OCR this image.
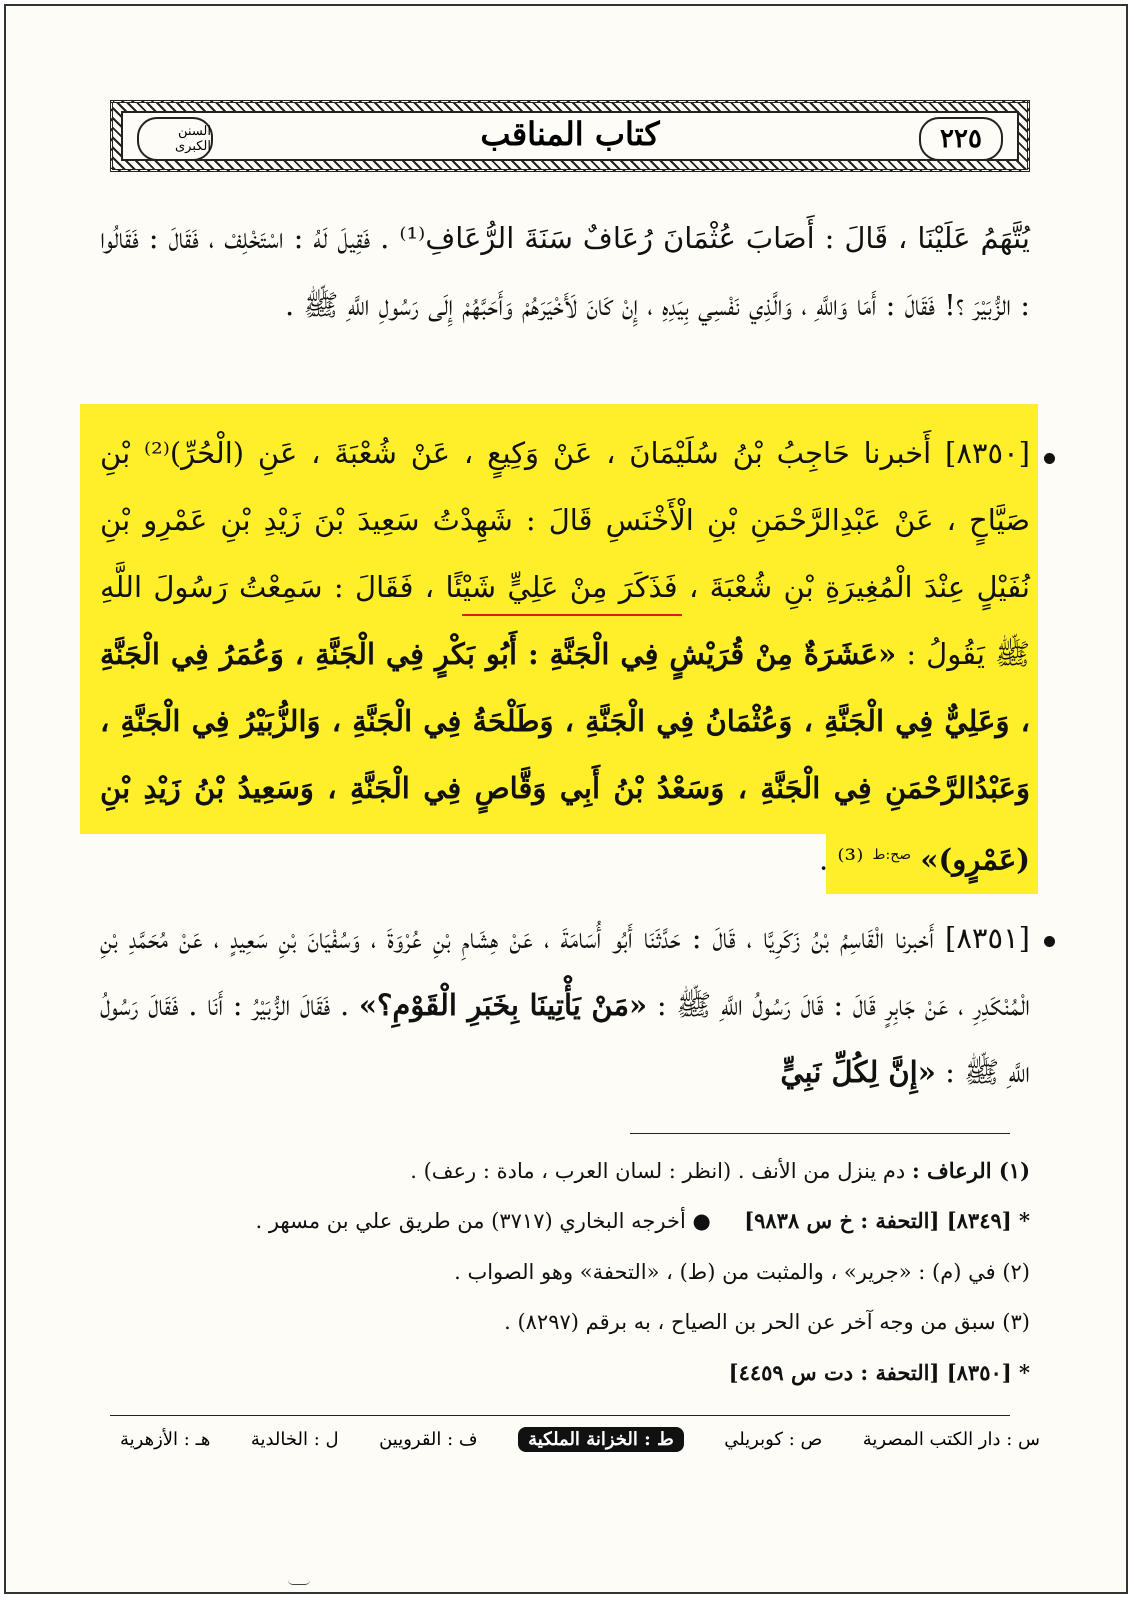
السنن الكبرى	كتاب المناقب	٢٢٥
يُتَّهَمُ عَلَيْنَا ، قَالَ : أَصَابَ عُثْمَانَ رُعَافٌ سَنَةَ الرُّعَافِ⁽¹⁾ . فَقِيلَ لَهُ : اسْتَخْلِفْ ، فَقَالَ : فَقَالُوا : الزُّبَيْرَ ؟! فَقَالَ : أَمَا وَاللَّهِ ، وَالَّذِي نَفْسِي بِيَدِهِ ، إِنْ كَانَ لَأَخْيَرَهُمْ وَأَحَبَّهُمْ إِلَى رَسُولِ اللَّهِ ﷺ .
[٨٣٥٠] أَخبرنا حَاجِبُ بْنُ سُلَيْمَانَ ، عَنْ وَكِيعٍ ، عَنْ شُعْبَةَ ، عَنِ (الْحُرِّ)⁽²⁾ بْنِ صَيَّاحٍ ، عَنْ عَبْدِالرَّحْمَنِ بْنِ الْأَخْنَسِ قَالَ : شَهِدْتُ سَعِيدَ بْنَ زَيْدِ بْنِ عَمْرِو بْنِ نُفَيْلٍ عِنْدَ الْمُغِيرَةِ بْنِ شُعْبَةَ ، فَذَكَرَ مِنْ عَلِيٍّ شَيْئًا ، فَقَالَ : سَمِعْتُ رَسُولَ اللَّهِ ﷺ يَقُولُ : «عَشَرَةٌ مِنْ قُرَيْشٍ فِي الْجَنَّةِ : أَبُو بَكْرٍ فِي الْجَنَّةِ ، وَعُمَرُ فِي الْجَنَّةِ ، وَعَلِيٌّ فِي الْجَنَّةِ ، وَعُثْمَانُ فِي الْجَنَّةِ ، وَطَلْحَةُ فِي الْجَنَّةِ ، وَالزُّبَيْرُ فِي الْجَنَّةِ ، وَعَبْدُالرَّحْمَنِ فِي الْجَنَّةِ ، وَسَعْدُ بْنُ أَبِي وَقَّاصٍ فِي الْجَنَّةِ ، وَسَعِيدُ بْنُ زَيْدِ بْنِ (عَمْرٍو)» $^{صح:ط}$ ⁽³⁾ .
[٨٣٥١] أَخبرنا الْقَاسِمُ بْنُ زَكَرِيَّا ، قَالَ : حَدَّثَنَا أَبُو أُسَامَةَ ، عَنْ هِشَامِ بْنِ عُرْوَةَ ، وَسُفْيَانَ بْنِ سَعِيدٍ ، عَنْ مُحَمَّدِ بْنِ الْمُنْكَدِرِ ، عَنْ جَابِرٍ قَالَ : قَالَ رَسُولُ اللَّهِ ﷺ : «مَنْ يَأْتِينَا بِخَبَرِ الْقَوْمِ؟» . فَقَالَ الزُّبَيْرُ : أَنَا . فَقَالَ رَسُولُ اللَّهِ ﷺ : «إِنَّ لِكُلِّ نَبِيٍّ
(١) الرعاف : دم ينزل من الأنف . (انظر : لسان العرب ، مادة : رعف) .
* [٨٣٤٩] [التحفة : خ س ٩٨٣٨]     ● أخرجه البخاري (٣٧١٧) من طريق علي بن مسهر .
(٢) في (م) : «جرير» ، والمثبت من (ط) ، «التحفة» وهو الصواب .
(٣) سبق من وجه آخر عن الحر بن الصياح ، به برقم (٨٢٩٧) .
* [٨٣٥٠] [التحفة : دت س ٤٤٥٩]
س : دار الكتب المصرية
ص : كوبريلي
ط : الخزانة الملكية
ف : القرويين
ل : الخالدية
هـ : الأزهرية
